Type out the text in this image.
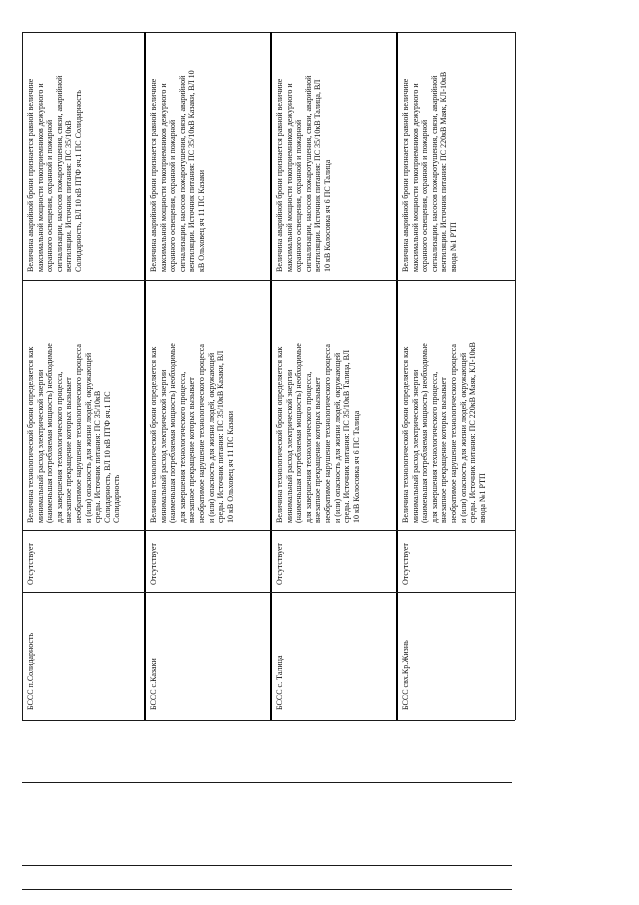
БССС п.Солидарность
Отсутствует
Величина технологической брони определяется как
минимальный расход электрической энергии
(наименьшая потребляемая мощность) необходимые
для завершения технологического процесса,
внезапное прекращение которых вызывает
необратимое нарушение технологического процесса
и (или) опасность для жизни людей, окружающей
среды. Источник питания: ПС 35/10кВ
Солидарность, ВЛ 10 кВ ПТФ яч.1 ПС
Солидарность
Величина аварийной брони признается равной величине
максимальной мощности токоприемников дежурного и
охранного освещения, охранной и пожарной
сигнализации, насосов пожаротушения, связи, аварийной
вентиляции. Источник питания: ПС 35/10кВ
Солидарность, ВЛ 10 кВ ПТФ яч.1 ПС Солидарность
БССС с.Казаки
Отсутствует
Величина технологической брони определяется как
минимальный расход электрической энергии
(наименьшая потребляемая мощность) необходимые
для завершения технологического процесса,
внезапное прекращение которых вызывает
необратимое нарушение технологического процесса
и (или) опасность для жизни людей, окружающей
среды. Источник питания: ПС 35/10кВ Казаки, ВЛ
10 кВ Ольховец яч 11 ПС Казаки
Величина аварийной брони признается равной величине
максимальной мощности токоприемников дежурного и
охранного освещения, охранной и пожарной
сигнализации, насосов пожаротушения, связи, аварийной
вентиляции. Источник питания: ПС 35/10кВ Казаки, ВЛ 10
кВ Ольховец яч 11 ПС Казаки
БССС с. Талица
Отсутствует
Величина технологической брони определяется как
минимальный расход электрической энергии
(наименьшая потребляемая мощность) необходимые
для завершения технологического процесса,
внезапное прекращение которых вызывает
необратимое нарушение технологического процесса
и (или) опасность для жизни людей, окружающей
среды. Источник питания: ПС 35/10кВ Талица, ВЛ
10 кВ Колосовка яч 6 ПС Талица
Величина аварийной брони признается равной величине
максимальной мощности токоприемников дежурного и
охранного освещения, охранной и пожарной
сигнализации, насосов пожаротушения, связи, аварийной
вентиляции. Источник питания: ПС 35/10кВ Талица, ВЛ
10 кВ Колосовка яч 6 ПС Талица
БССС свх.Кр.Жизнь
Отсутствует
Величина технологической брони определяется как
минимальный расход электрической энергии
(наименьшая потребляемая мощность) необходимые
для завершения технологического процесса,
внезапное прекращение которых вызывает
необратимое нарушение технологического процесса
и (или) опасность для жизни людей, окружающей
среды. Источник питания: ПС 220кВ Маяк, КЛ-10кВ
ввода №1 РТП
Величина аварийной брони признается равной величине
максимальной мощности токоприемников дежурного и
охранного освещения, охранной и пожарной
сигнализации, насосов пожаротушения, связи, аварийной
вентиляции. Источник питания: ПС 220кВ Маяк, КЛ-10кВ
ввода №1 РТП
